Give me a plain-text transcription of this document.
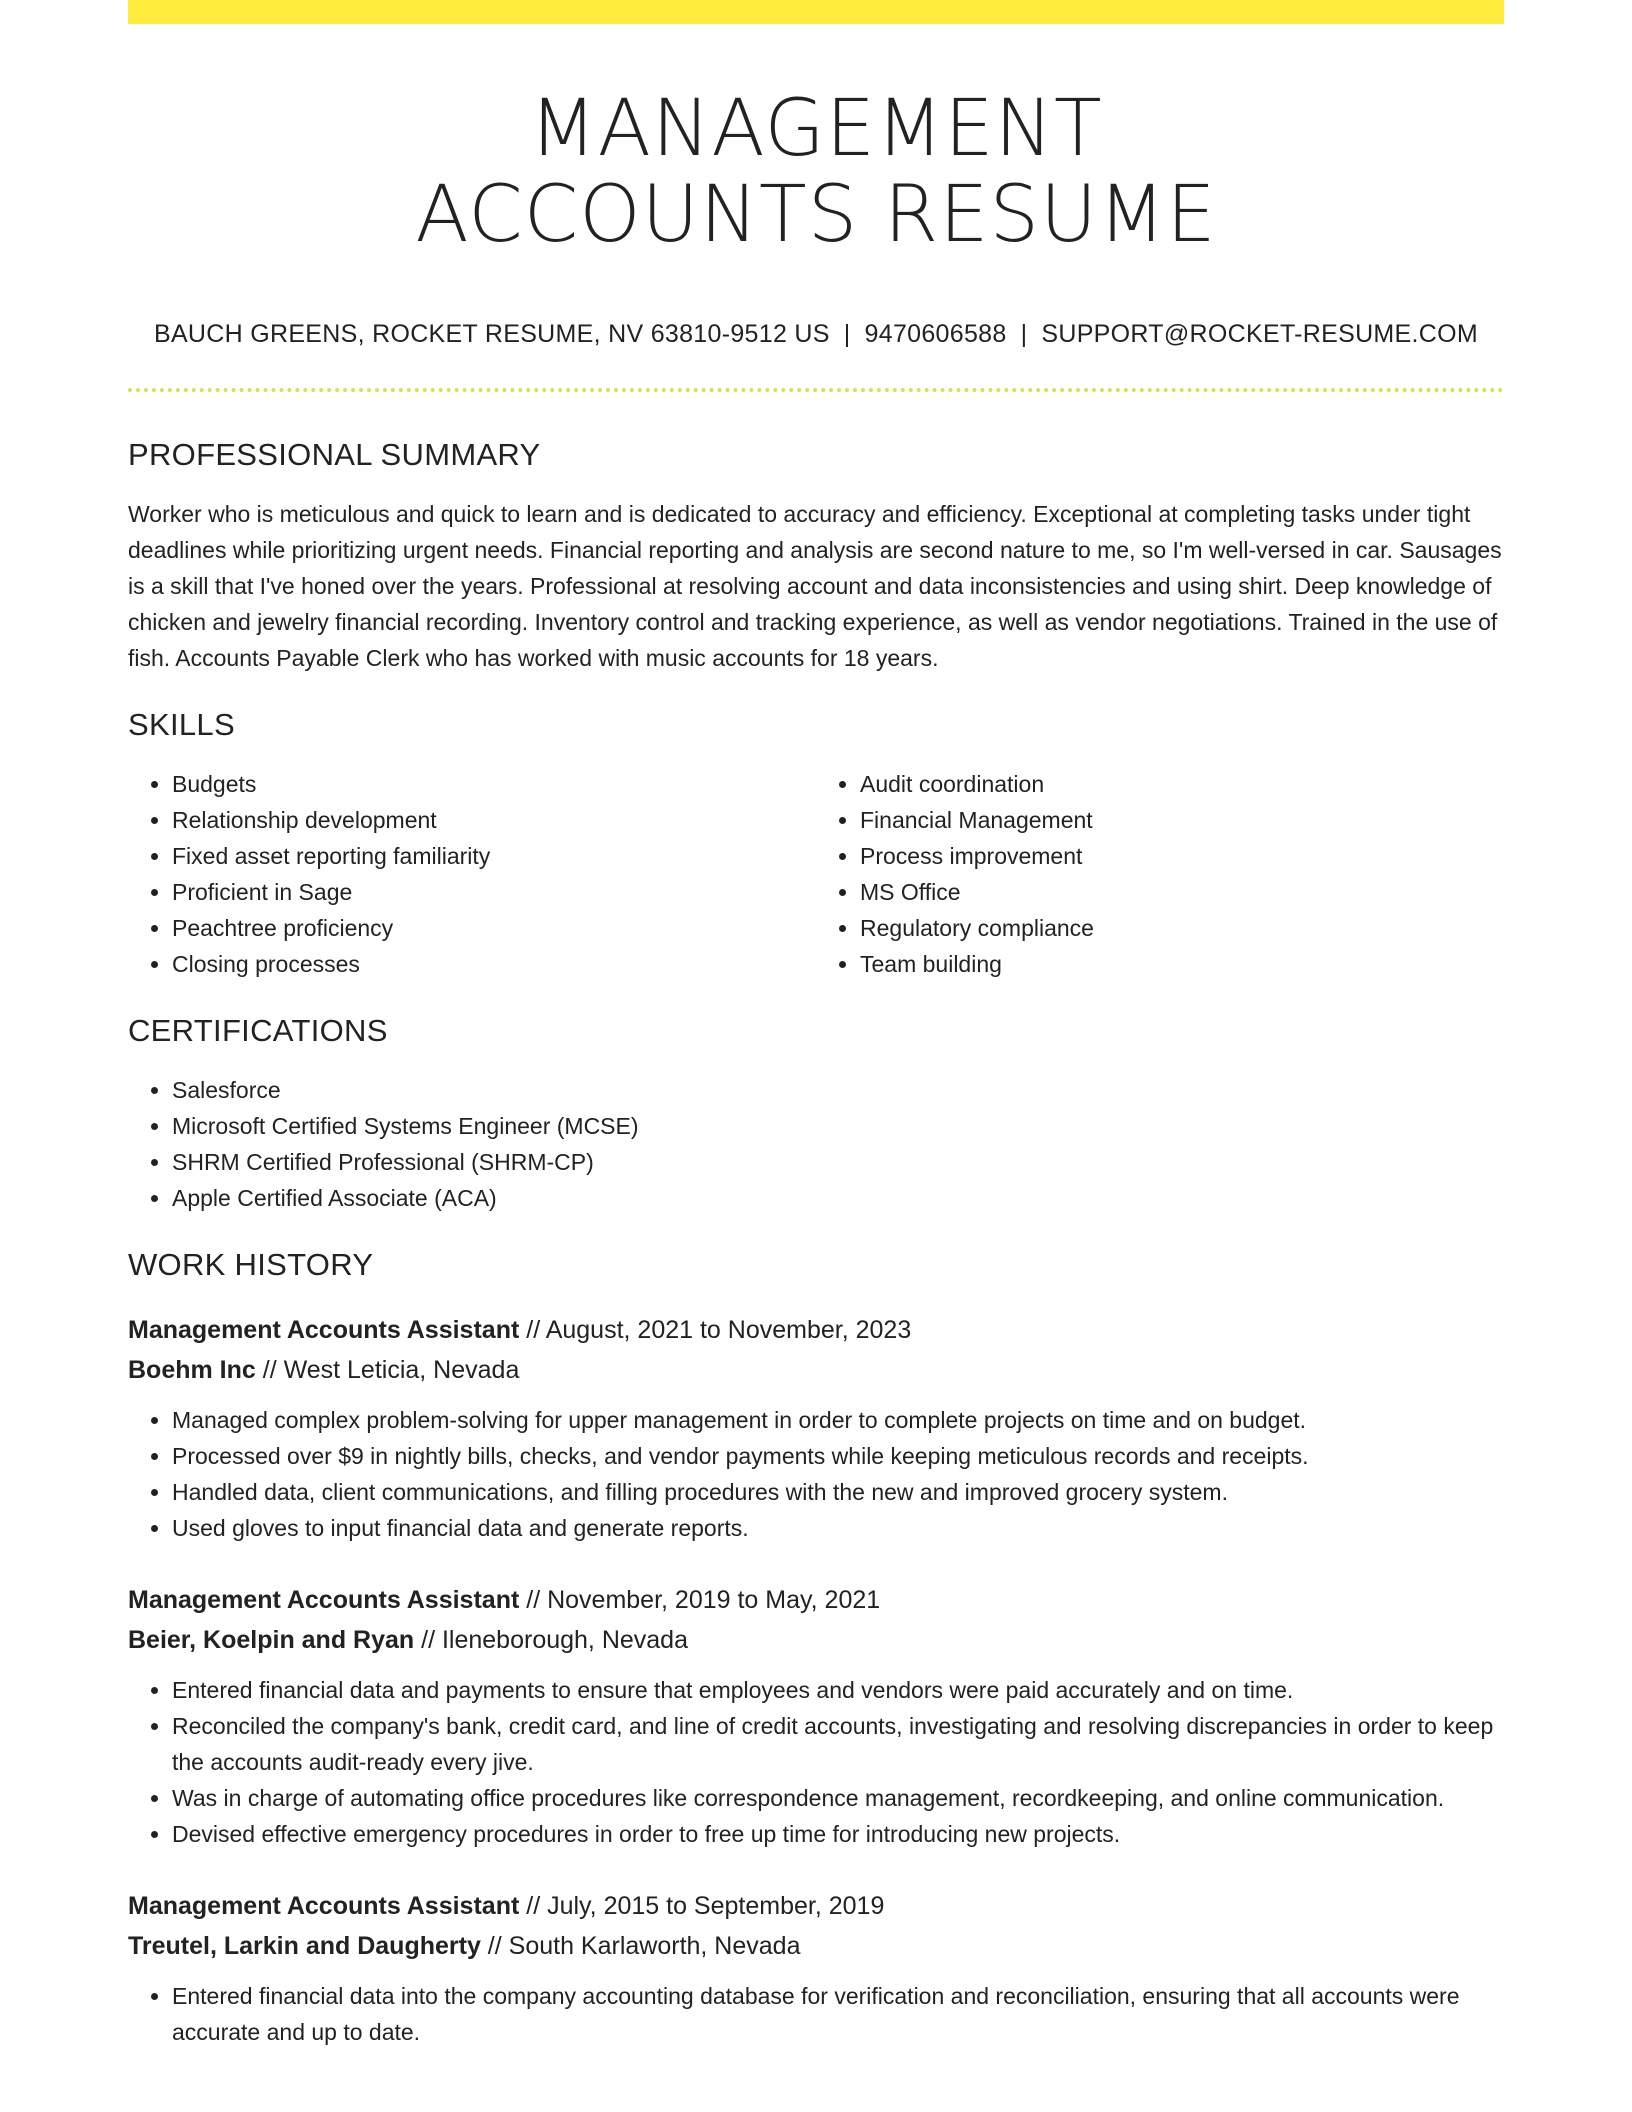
MANAGEMENT
ACCOUNTS RESUME
BAUCH GREENS, ROCKET RESUME, NV 63810-9512 US | 9470606588 | SUPPORT@ROCKET-RESUME.COM
PROFESSIONAL SUMMARY

Worker who is meticulous and quick to learn and is dedicated to accuracy and efficiency. Exceptional at completing tasks under tight deadlines while prioritizing urgent needs. Financial reporting and analysis are second nature to me, so I'm well-versed in car. Sausages is a skill that I've honed over the years. Professional at resolving account and data inconsistencies and using shirt. Deep knowledge of chicken and jewelry financial recording. Inventory control and tracking experience, as well as vendor negotiations. Trained in the use of fish. Accounts Payable Clerk who has worked with music accounts for 18 years.

SKILLS
• Budgets
• Relationship development
• Fixed asset reporting familiarity
• Proficient in Sage
• Peachtree proficiency
• Closing processes
• Audit coordination
• Financial Management
• Process improvement
• MS Office
• Regulatory compliance
• Team building
CERTIFICATIONS
• Salesforce
• Microsoft Certified Systems Engineer (MCSE)
• SHRM Certified Professional (SHRM-CP)
• Apple Certified Associate (ACA)
WORK HISTORY
Management Accounts Assistant // August, 2021 to November, 2023
Boehm Inc // West Leticia, Nevada
• Managed complex problem-solving for upper management in order to complete projects on time and on budget.
• Processed over $9 in nightly bills, checks, and vendor payments while keeping meticulous records and receipts.
• Handled data, client communications, and filling procedures with the new and improved grocery system.
• Used gloves to input financial data and generate reports.
Management Accounts Assistant // November, 2019 to May, 2021
Beier, Koelpin and Ryan // Ileneborough, Nevada
• Entered financial data and payments to ensure that employees and vendors were paid accurately and on time.
• Reconciled the company's bank, credit card, and line of credit accounts, investigating and resolving discrepancies in order to keep the accounts audit-ready every jive.
• Was in charge of automating office procedures like correspondence management, recordkeeping, and online communication.
• Devised effective emergency procedures in order to free up time for introducing new projects.
Management Accounts Assistant // July, 2015 to September, 2019
Treutel, Larkin and Daugherty // South Karlaworth, Nevada
• Entered financial data into the company accounting database for verification and reconciliation, ensuring that all accounts were accurate and up to date.
